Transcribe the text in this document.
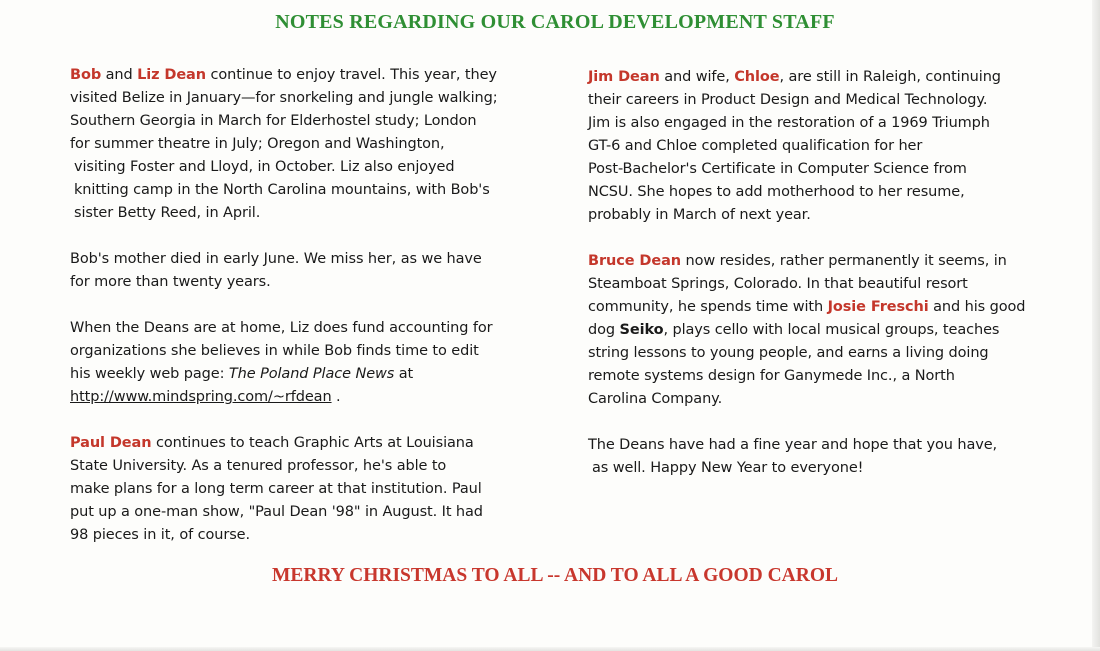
NOTES REGARDING OUR CAROL DEVELOPMENT STAFF
Bob and Liz Dean continue to enjoy travel. This year, they
visited Belize in January—for snorkeling and jungle walking;
Southern Georgia in March for Elderhostel study; London
for summer theatre in July; Oregon and Washington,
visiting Foster and Lloyd, in October. Liz also enjoyed
knitting camp in the North Carolina mountains, with Bob's
sister Betty Reed, in April.
Bob's mother died in early June. We miss her, as we have
for more than twenty years.
When the Deans are at home, Liz does fund accounting for
organizations she believes in while Bob finds time to edit
his weekly web page: The Poland Place News at
http://www.mindspring.com/~rfdean .
Paul Dean continues to teach Graphic Arts at Louisiana
State University. As a tenured professor, he's able to
make plans for a long term career at that institution. Paul
put up a one-man show, "Paul Dean '98" in August. It had
98 pieces in it, of course.
Jim Dean and wife, Chloe, are still in Raleigh, continuing
their careers in Product Design and Medical Technology.
Jim is also engaged in the restoration of a 1969 Triumph
GT-6 and Chloe completed qualification for her
Post-Bachelor's Certificate in Computer Science from
NCSU. She hopes to add motherhood to her resume,
probably in March of next year.
Bruce Dean now resides, rather permanently it seems, in
Steamboat Springs, Colorado. In that beautiful resort
community, he spends time with Josie Freschi and his good
dog Seiko, plays cello with local musical groups, teaches
string lessons to young people, and earns a living doing
remote systems design for Ganymede Inc., a North
Carolina Company.
The Deans have had a fine year and hope that you have,
as well. Happy New Year to everyone!
MERRY CHRISTMAS TO ALL -- AND TO ALL A GOOD CAROL
